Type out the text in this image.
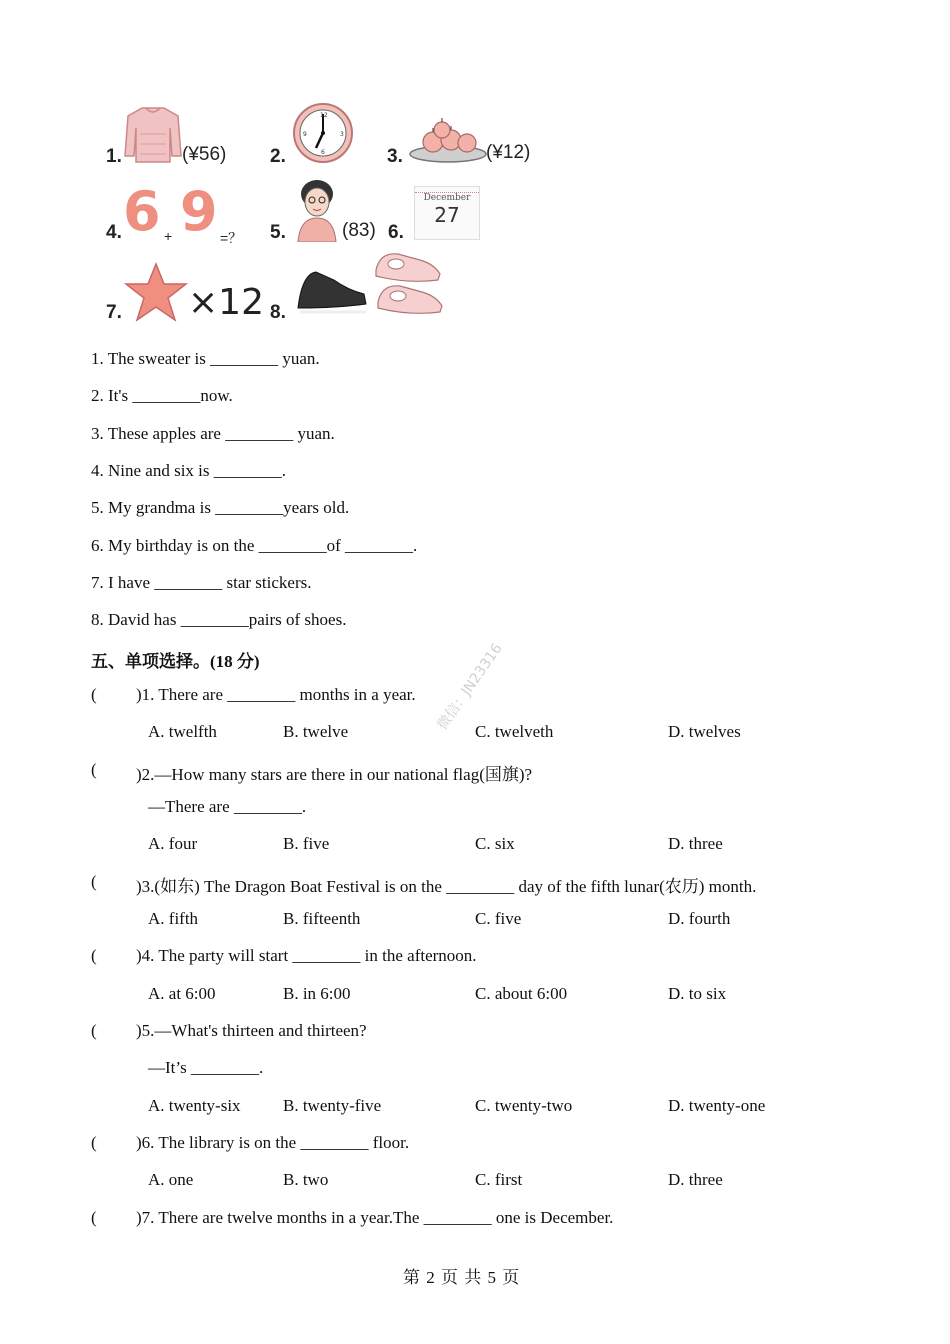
1.	(¥56) 2.
12
3
6
9
3.	(¥12)
4. 6 + 9 =？ 5.	(83) 6.
December
27
7. ×12 8.
1. The sweater is ________ yuan.
2. It's ________now.
3. These apples are ________ yuan.
4. Nine and six is ________.
5. My grandma is ________years old.
6. My birthday is on the ________of ________.
7. I have ________ star stickers.
8. David has ________pairs of shoes.
五、单项选择。(18 分)
( )1. There are ________ months in a year.
A. twelfth	B. twelve	C. twelveth	D. twelves
( )2.—How many stars are there in our national flag(国旗)?
—There are ________.
A. four	B. five	C. six	D. three
( )3.(如东) The Dragon Boat Festival is on the ________ day of the fifth lunar(农历) month.
A. fifth	B. fifteenth	C. five	D. fourth
( )4. The party will start ________ in the afternoon.
A. at 6:00	B. in 6:00	C. about 6:00	D. to six
( )5.—What's thirteen and thirteen?
—It’s ________.
A. twenty-six B. twenty-five	C. twenty-two	D. twenty-one
( )6. The library is on the ________ floor.
A. one	B. two	C. first	D. three
( )7. There are twelve months in a year.The ________ one is December.
微信：JN23316
第 2 页 共 5 页
